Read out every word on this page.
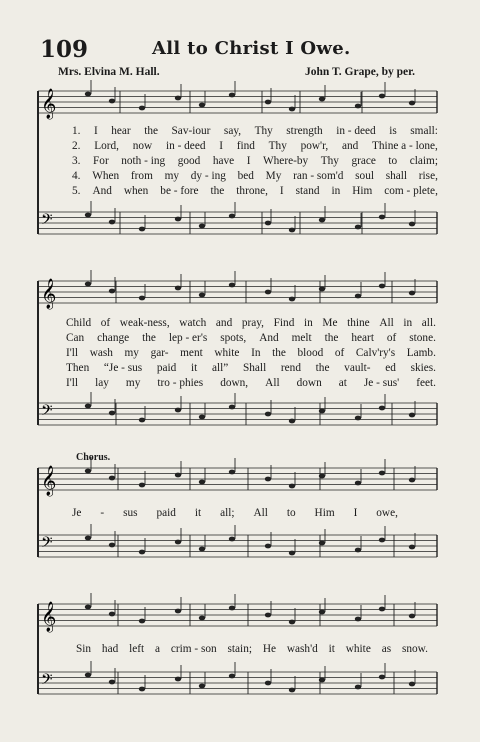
109	All to Christ I Owe.
Mrs. Elvina M. Hall.	John T. Grape, by per.
𝄞
𝄢
𝄞
𝄢
𝄞
𝄢
𝄞
𝄢
1. I hear the Sav-iour say, Thy strength in - deed is small:
2. Lord, now in - deed I find Thy pow'r, and Thine a - lone,
3. For noth - ing good have I Where-by Thy grace to claim;
4. When from my dy - ing bed My ran - som'd soul shall rise,
5. And when be - fore the throne, I stand in Him com - plete,
Child of weak-ness, watch and pray, Find in Me thine All in all.
Can change the lep - er's spots, And melt the heart of stone.
I'll wash my gar- ment white In the blood of Calv'ry's Lamb.
Then “Je - sus paid it all” Shall rend the vault- ed skies.
I'll lay my tro - phies down, All down at Je - sus' feet.
Chorus.
Je - sus paid it all; All to Him I owe,
Sin had left a crim - son stain; He wash'd it white as snow.
